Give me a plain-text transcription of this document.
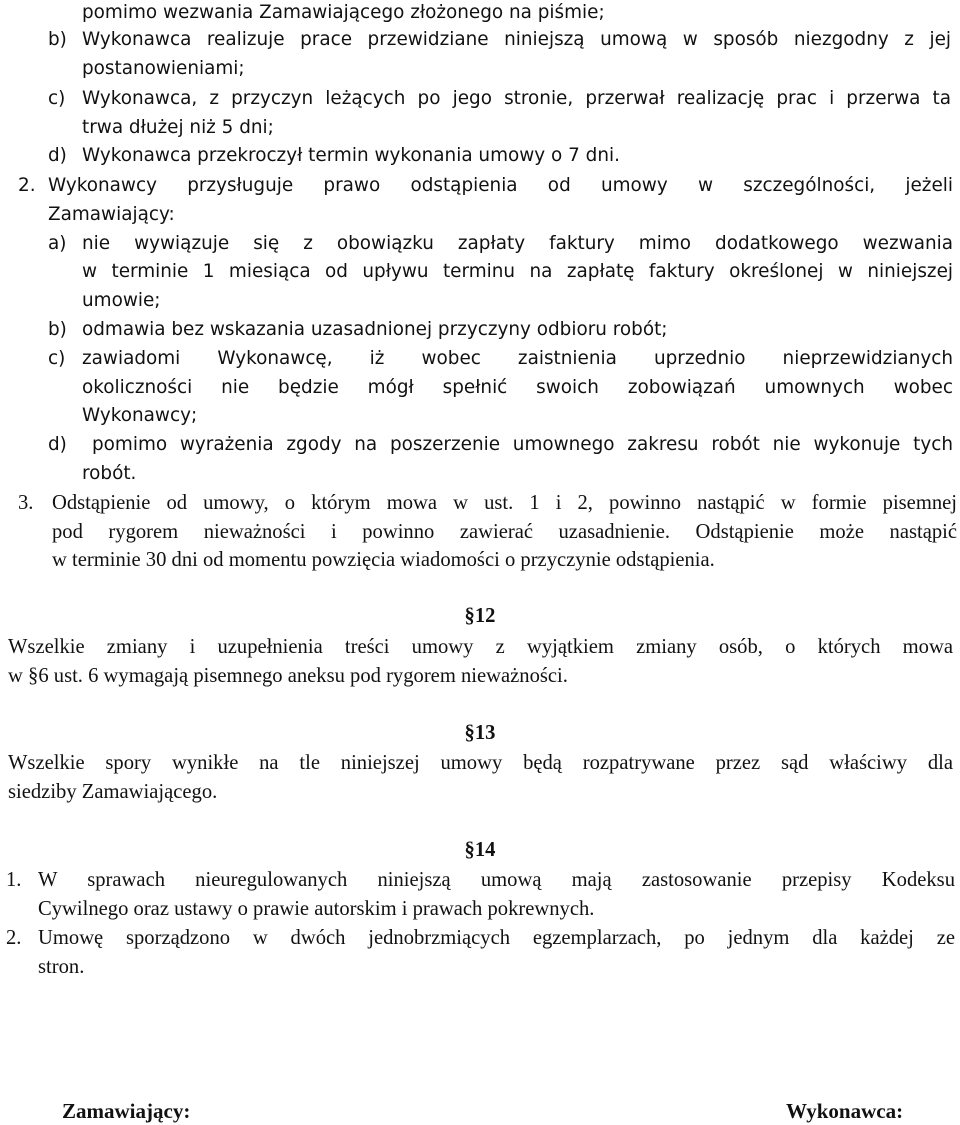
pomimo wezwania Zamawiającego złożonego na piśmie;
b) Wykonawca realizuje prace przewidziane niniejszą umową w sposób niezgodny z jej
postanowieniami;
c) Wykonawca, z przyczyn leżących po jego stronie, przerwał realizację prac i przerwa ta
trwa dłużej niż 5 dni;
d) Wykonawca przekroczył termin wykonania umowy o 7 dni.
2. Wykonawcy przysługuje prawo odstąpienia od umowy w szczególności, jeżeli
Zamawiający:
a) nie wywiązuje się z obowiązku zapłaty faktury mimo dodatkowego wezwania
w terminie 1 miesiąca od upływu terminu na zapłatę faktury określonej w niniejszej
umowie;
b) odmawia bez wskazania uzasadnionej przyczyny odbioru robót;
c) zawiadomi Wykonawcę, iż wobec zaistnienia uprzednio nieprzewidzianych
okoliczności nie będzie mógł spełnić swoich zobowiązań umownych wobec
Wykonawcy;
d) pomimo wyrażenia zgody na poszerzenie umownego zakresu robót nie wykonuje tych
robót.
3. Odstąpienie od umowy, o którym mowa w ust. 1 i 2, powinno nastąpić w formie pisemnej
pod rygorem nieważności i powinno zawierać uzasadnienie. Odstąpienie może nastąpić
w terminie 30 dni od momentu powzięcia wiadomości o przyczynie odstąpienia.
§12
Wszelkie zmiany i uzupełnienia treści umowy z wyjątkiem zmiany osób, o których mowa
w §6 ust. 6 wymagają pisemnego aneksu pod rygorem nieważności.
§13
Wszelkie spory wynikłe na tle niniejszej umowy będą rozpatrywane przez sąd właściwy dla
siedziby Zamawiającego.
§14
1. W sprawach nieuregulowanych niniejszą umową mają zastosowanie przepisy Kodeksu
Cywilnego oraz ustawy o prawie autorskim i prawach pokrewnych.
2. Umowę sporządzono w dwóch jednobrzmiących egzemplarzach, po jednym dla każdej ze
stron.
Zamawiający:	Wykonawca:
